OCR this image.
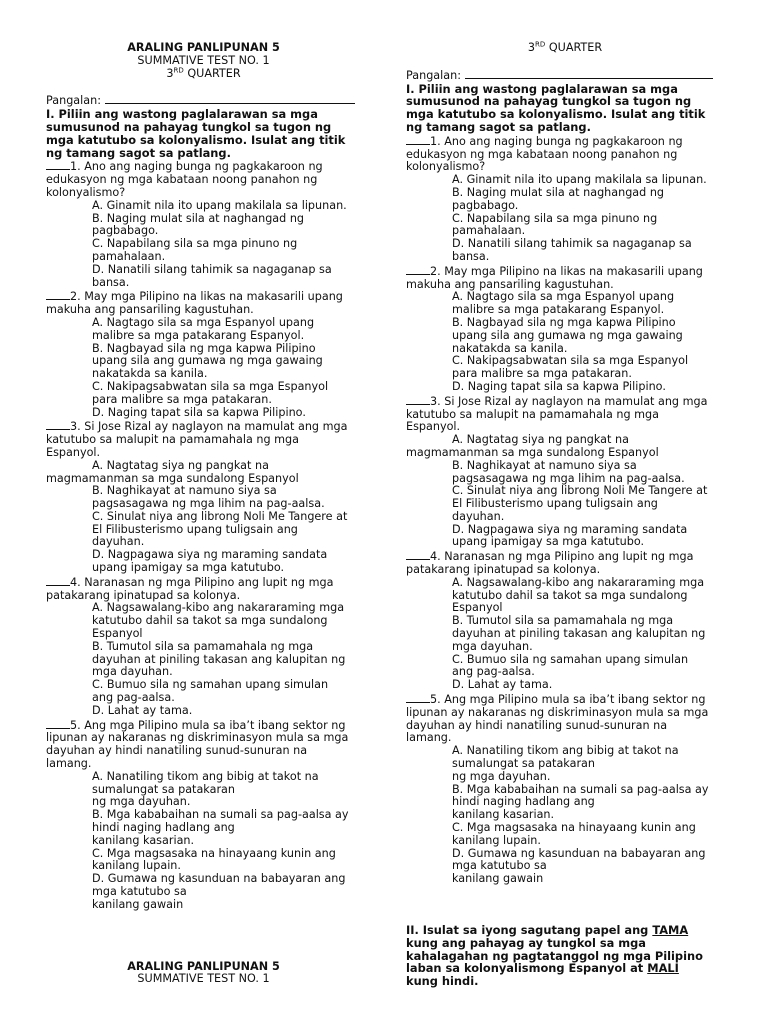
ARALING PANLIPUNAN 5
SUMMATIVE TEST NO. 1
3RD QUARTER
Pangalan:
I. Piliin ang wastong paglalarawan sa mga
sumusunod na pahayag tungkol sa tugon ng
mga katutubo sa kolonyalismo. Isulat ang titik
ng tamang sagot sa patlang.
1. Ano ang naging bunga ng pagkakaroon ng
edukasyon ng mga kabataan noong panahon ng
kolonyalismo?
A. Ginamit nila ito upang makilala sa lipunan.
B. Naging mulat sila at naghangad ng
pagbabago.
C. Napabilang sila sa mga pinuno ng
pamahalaan.
D. Nanatili silang tahimik sa nagaganap sa
bansa.
2. May mga Pilipino na likas na makasarili upang
makuha ang pansariling kagustuhan.
A. Nagtago sila sa mga Espanyol upang
malibre sa mga patakarang Espanyol.
B. Nagbayad sila ng mga kapwa Pilipino
upang sila ang gumawa ng mga gawaing
nakatakda sa kanila.
C. Nakipagsabwatan sila sa mga Espanyol
para malibre sa mga patakaran.
D. Naging tapat sila sa kapwa Pilipino.
3. Si Jose Rizal ay naglayon na mamulat ang mga
katutubo sa malupit na pamamahala ng mga
Espanyol.
A. Nagtatag siya ng pangkat na
magmamanman sa mga sundalong Espanyol
B. Naghikayat at namuno siya sa
pagsasagawa ng mga lihim na pag-aalsa.
C. Sinulat niya ang librong Noli Me Tangere at
El Filibusterismo upang tuligsain ang
dayuhan.
D. Nagpagawa siya ng maraming sandata
upang ipamigay sa mga katutubo.
4. Naranasan ng mga Pilipino ang lupit ng mga
patakarang ipinatupad sa kolonya.
A. Nagsawalang-kibo ang nakararaming mga
katutubo dahil sa takot sa mga sundalong
Espanyol
B. Tumutol sila sa pamamahala ng mga
dayuhan at piniling takasan ang kalupitan ng
mga dayuhan.
C. Bumuo sila ng samahan upang simulan
ang pag-aalsa.
D. Lahat ay tama.
5. Ang mga Pilipino mula sa iba’t ibang sektor ng
lipunan ay nakaranas ng diskriminasyon mula sa mga
dayuhan ay hindi nanatiling sunud-sunuran na
lamang.
A. Nanatiling tikom ang bibig at takot na
sumalungat sa patakaran
ng mga dayuhan.
B. Mga kababaihan na sumali sa pag-aalsa ay
hindi naging hadlang ang
kanilang kasarian.
C. Mga magsasaka na hinayaang kunin ang
kanilang lupain.
D. Gumawa ng kasunduan na babayaran ang
mga katutubo sa
kanilang gawain
ARALING PANLIPUNAN 5
SUMMATIVE TEST NO. 1
3RD QUARTER
Pangalan:
I. Piliin ang wastong paglalarawan sa mga
sumusunod na pahayag tungkol sa tugon ng
mga katutubo sa kolonyalismo. Isulat ang titik
ng tamang sagot sa patlang.
1. Ano ang naging bunga ng pagkakaroon ng
edukasyon ng mga kabataan noong panahon ng
kolonyalismo?
A. Ginamit nila ito upang makilala sa lipunan.
B. Naging mulat sila at naghangad ng
pagbabago.
C. Napabilang sila sa mga pinuno ng
pamahalaan.
D. Nanatili silang tahimik sa nagaganap sa
bansa.
2. May mga Pilipino na likas na makasarili upang
makuha ang pansariling kagustuhan.
A. Nagtago sila sa mga Espanyol upang
malibre sa mga patakarang Espanyol.
B. Nagbayad sila ng mga kapwa Pilipino
upang sila ang gumawa ng mga gawaing
nakatakda sa kanila.
C. Nakipagsabwatan sila sa mga Espanyol
para malibre sa mga patakaran.
D. Naging tapat sila sa kapwa Pilipino.
3. Si Jose Rizal ay naglayon na mamulat ang mga
katutubo sa malupit na pamamahala ng mga
Espanyol.
A. Nagtatag siya ng pangkat na
magmamanman sa mga sundalong Espanyol
B. Naghikayat at namuno siya sa
pagsasagawa ng mga lihim na pag-aalsa.
C. Sinulat niya ang librong Noli Me Tangere at
El Filibusterismo upang tuligsain ang
dayuhan.
D. Nagpagawa siya ng maraming sandata
upang ipamigay sa mga katutubo.
4. Naranasan ng mga Pilipino ang lupit ng mga
patakarang ipinatupad sa kolonya.
A. Nagsawalang-kibo ang nakararaming mga
katutubo dahil sa takot sa mga sundalong
Espanyol
B. Tumutol sila sa pamamahala ng mga
dayuhan at piniling takasan ang kalupitan ng
mga dayuhan.
C. Bumuo sila ng samahan upang simulan
ang pag-aalsa.
D. Lahat ay tama.
5. Ang mga Pilipino mula sa iba’t ibang sektor ng
lipunan ay nakaranas ng diskriminasyon mula sa mga
dayuhan ay hindi nanatiling sunud-sunuran na
lamang.
A. Nanatiling tikom ang bibig at takot na
sumalungat sa patakaran
ng mga dayuhan.
B. Mga kababaihan na sumali sa pag-aalsa ay
hindi naging hadlang ang
kanilang kasarian.
C. Mga magsasaka na hinayaang kunin ang
kanilang lupain.
D. Gumawa ng kasunduan na babayaran ang
mga katutubo sa
kanilang gawain
II. Isulat sa iyong sagutang papel ang TAMA
kung ang pahayag ay tungkol sa mga
kahalagahan ng pagtatanggol ng mga Pilipino
laban sa kolonyalismong Espanyol at MALI
kung hindi.
